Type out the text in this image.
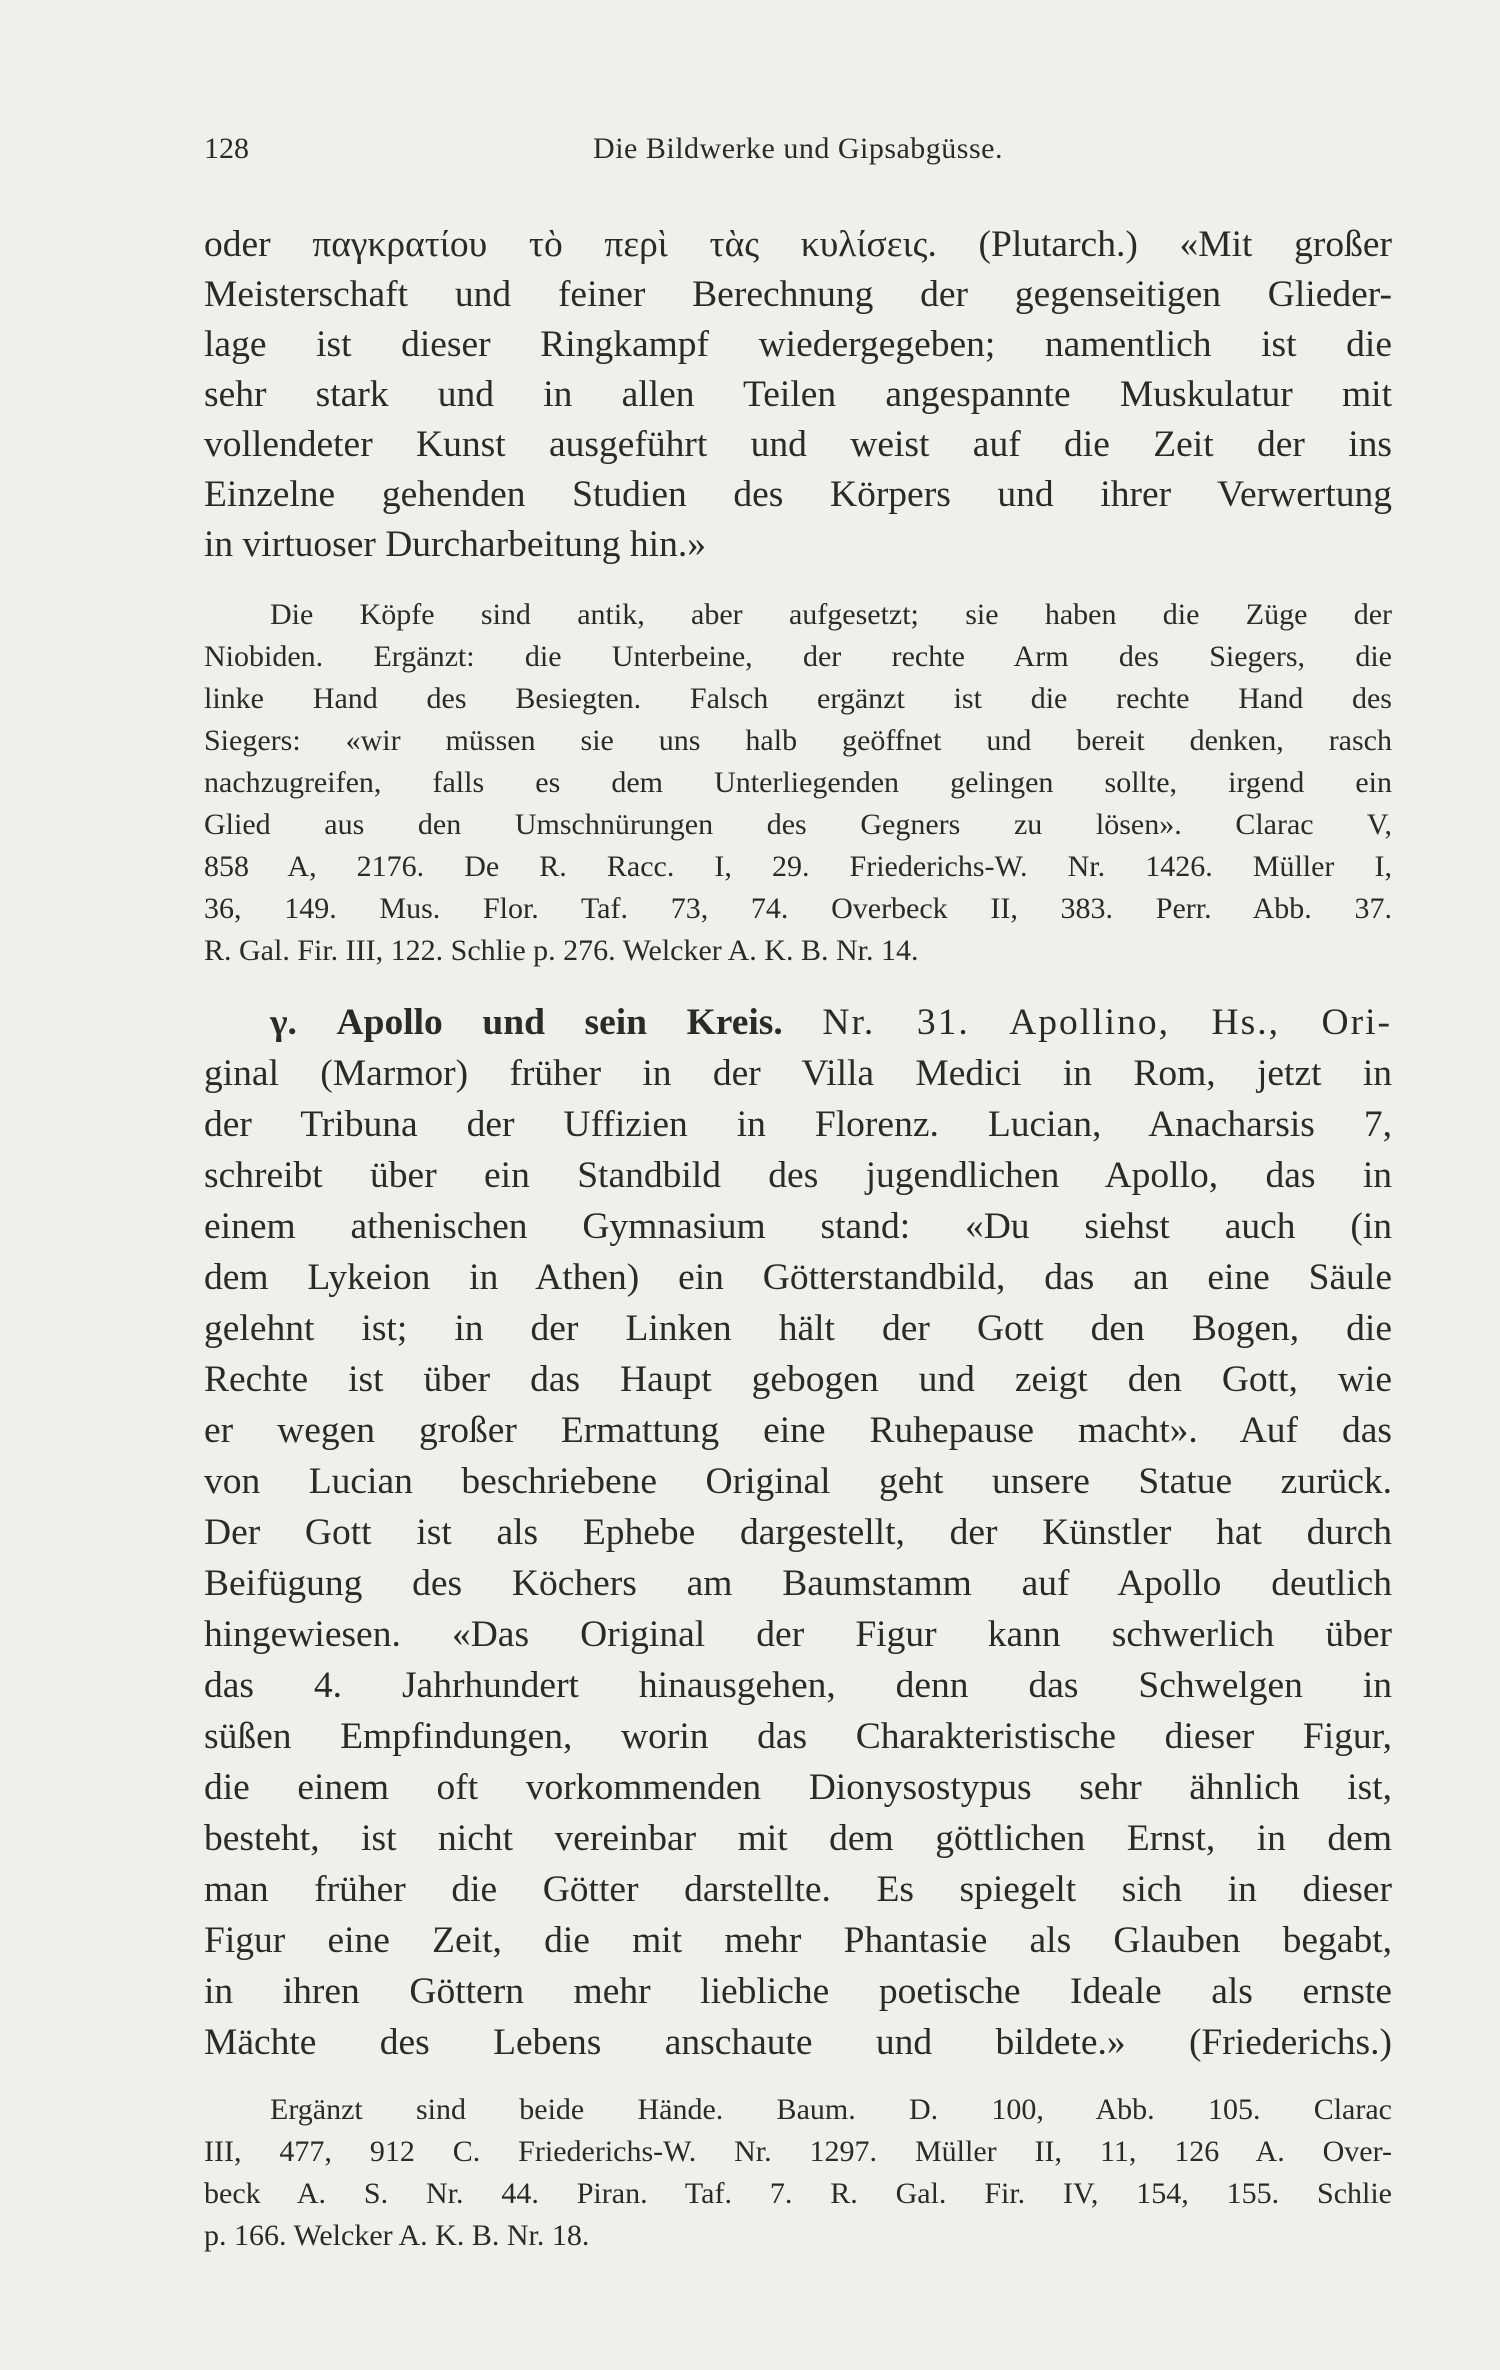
128	Die Bildwerke und Gipsabgüsse.
oder παγκρατίου τὸ περὶ τὰς κυλίσεις. (Plutarch.) «Mit großer
Meisterschaft und feiner Berechnung der gegenseitigen Glieder-
lage ist dieser Ringkampf wiedergegeben; namentlich ist die
sehr stark und in allen Teilen angespannte Muskulatur mit
vollendeter Kunst ausgeführt und weist auf die Zeit der ins
Einzelne gehenden Studien des Körpers und ihrer Verwertung
in virtuoser Durcharbeitung hin.»
Die Köpfe sind antik, aber aufgesetzt; sie haben die Züge der
Niobiden. Ergänzt: die Unterbeine, der rechte Arm des Siegers, die
linke Hand des Besiegten. Falsch ergänzt ist die rechte Hand des
Siegers: «wir müssen sie uns halb geöffnet und bereit denken, rasch
nachzugreifen, falls es dem Unterliegenden gelingen sollte, irgend ein
Glied aus den Umschnürungen des Gegners zu lösen». Clarac V,
858 A, 2176. De R. Racc. I, 29. Friederichs-W. Nr. 1426. Müller I,
36, 149. Mus. Flor. Taf. 73, 74. Overbeck II, 383. Perr. Abb. 37.
R. Gal. Fir. III, 122. Schlie p. 276. Welcker A. K. B. Nr. 14.
γ. Apollo und sein Kreis. Nr. 31. Apollino, Hs., Ori-
ginal (Marmor) früher in der Villa Medici in Rom, jetzt in
der Tribuna der Uffizien in Florenz. Lucian, Anacharsis 7,
schreibt über ein Standbild des jugendlichen Apollo, das in
einem athenischen Gymnasium stand: «Du siehst auch (in
dem Lykeion in Athen) ein Götterstandbild, das an eine Säule
gelehnt ist; in der Linken hält der Gott den Bogen, die
Rechte ist über das Haupt gebogen und zeigt den Gott, wie
er wegen großer Ermattung eine Ruhepause macht». Auf das
von Lucian beschriebene Original geht unsere Statue zurück.
Der Gott ist als Ephebe dargestellt, der Künstler hat durch
Beifügung des Köchers am Baumstamm auf Apollo deutlich
hingewiesen. «Das Original der Figur kann schwerlich über
das 4. Jahrhundert hinausgehen, denn das Schwelgen in
süßen Empfindungen, worin das Charakteristische dieser Figur,
die einem oft vorkommenden Dionysostypus sehr ähnlich ist,
besteht, ist nicht vereinbar mit dem göttlichen Ernst, in dem
man früher die Götter darstellte. Es spiegelt sich in dieser
Figur eine Zeit, die mit mehr Phantasie als Glauben begabt,
in ihren Göttern mehr liebliche poetische Ideale als ernste
Mächte des Lebens anschaute und bildete.» (Friederichs.)
Ergänzt sind beide Hände. Baum. D. 100, Abb. 105. Clarac
III, 477, 912 C. Friederichs-W. Nr. 1297. Müller II, 11, 126 A. Over-
beck A. S. Nr. 44. Piran. Taf. 7. R. Gal. Fir. IV, 154, 155. Schlie
p. 166. Welcker A. K. B. Nr. 18.
